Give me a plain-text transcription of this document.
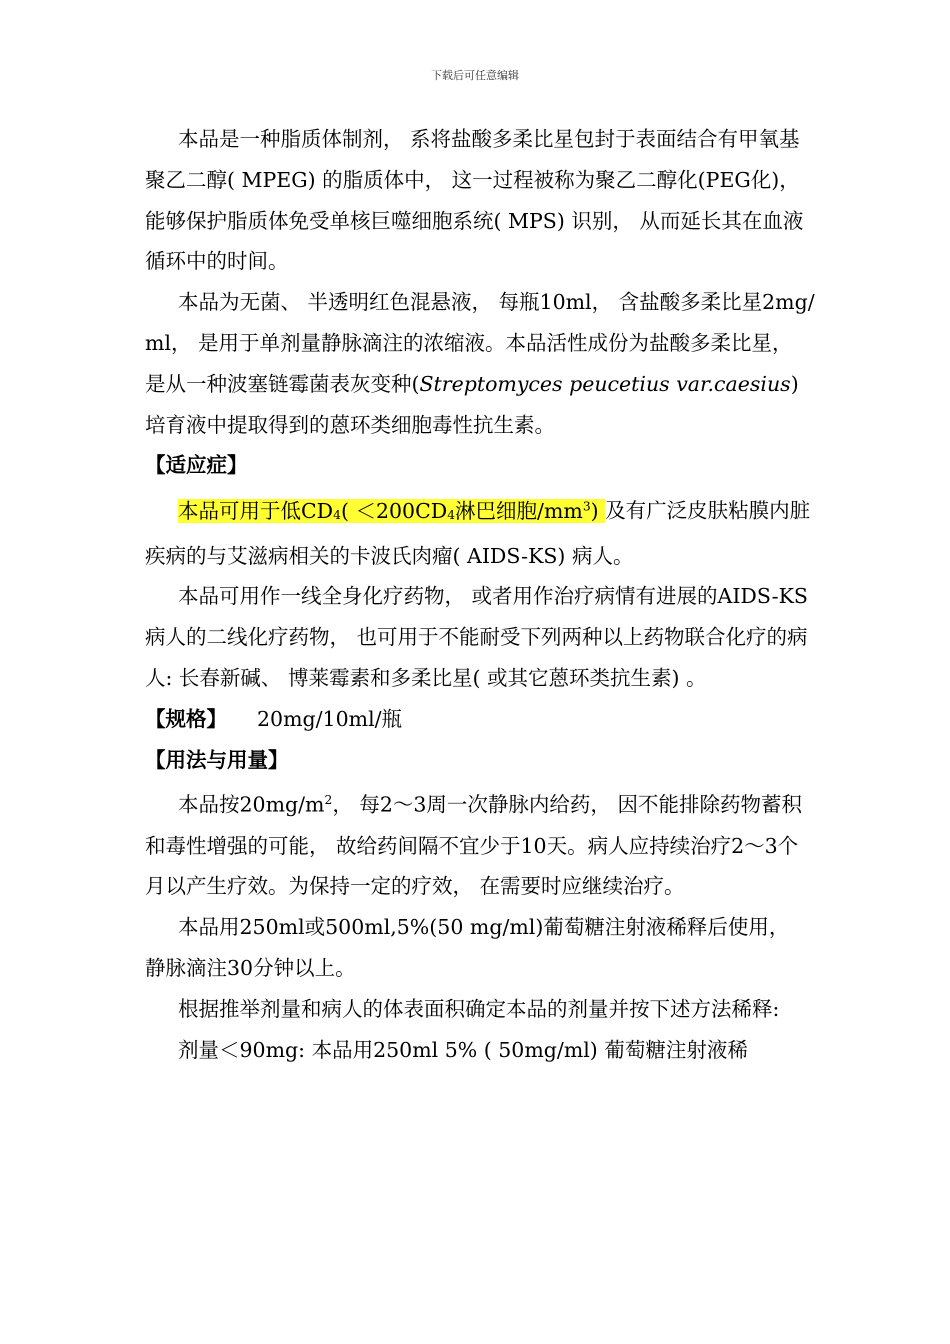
下载后可任意编辑

本品是一种脂质体制剂， 系将盐酸多柔比星包封于表面结合有甲氧基聚乙二醇( MPEG) 的脂质体中， 这一过程被称为聚乙二醇化(PEG化)， 能够保护脂质体免受单核巨噬细胞系统( MPS) 识别， 从而延长其在血液循环中的时间。

本品为无菌、 半透明红色混悬液， 每瓶10ml， 含盐酸多柔比星2mg/ml， 是用于单剂量静脉滴注的浓缩液。本品活性成份为盐酸多柔比星， 是从一种波塞链霉菌表灰变种(Streptomyces peucetius var.caesius)培育液中提取得到的蒽环类细胞毒性抗生素。

【适应症】

本品可用于低$CD_4( <200CD_4$淋巴细胞$/mm^3$) 及有广泛皮肤粘膜内脏疾病的与艾滋病相关的卡波氏肉瘤( AIDS-KS) 病人。

本品可用作一线全身化疗药物， 或者用作治疗病情有进展的AIDS-KS病人的二线化疗药物， 也可用于不能耐受下列两种以上药物联合化疗的病人: 长春新碱、 博莱霉素和多柔比星( 或其它蒽环类抗生素) 。

【规格】 20mg/10ml/瓶

【用法与用量】

本品按$20mg/m^2$， 每2～3周一次静脉内给药， 因不能排除药物蓄积和毒性增强的可能， 故给药间隔不宜少于10天。病人应持续治疗2～3个月以产生疗效。为保持一定的疗效， 在需要时应继续治疗。

本品用250ml或500ml,5%(50 mg/ml)葡萄糖注射液稀释后使用， 静脉滴注30分钟以上。

根据推举剂量和病人的体表面积确定本品的剂量并按下述方法稀释:

剂量＜90mg: 本品用250ml 5% ( 50mg/ml) 葡萄糖注射液稀
